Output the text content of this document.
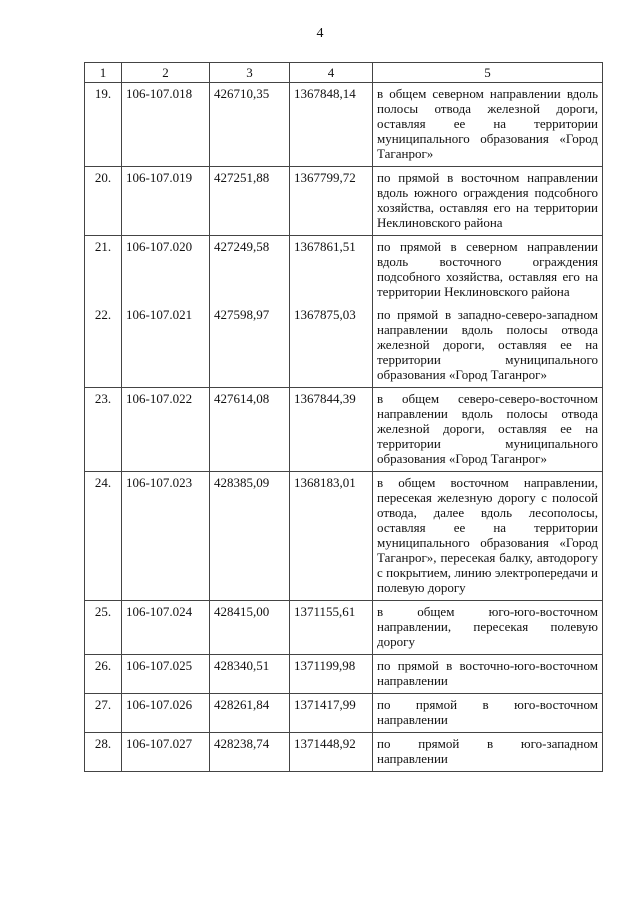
4
1	2	3	4	5
19.	106-107.018	426710,35	1367848,14	в общем северном направлении вдоль полосы отвода железной дороги, оставляя ее на территории муниципального образования «Город Таганрог»
20.	106-107.019	427251,88	1367799,72	по прямой в восточном направлении вдоль южного ограждения подсобного хозяйства, оставляя его на территории Неклиновского района
21.	106-107.020	427249,58	1367861,51	по прямой в северном направлении вдоль восточного ограждения подсобного хозяйства, оставляя его на территории Неклиновского района
22.	106-107.021	427598,97	1367875,03	по прямой в западно-северо-западном направлении вдоль полосы отвода железной дороги, оставляя ее на территории муниципального образования «Город Таганрог»
23.	106-107.022	427614,08	1367844,39	в общем северо-северо-восточном направлении вдоль полосы отвода железной дороги, оставляя ее на территории муниципального образования «Город Таганрог»
24.	106-107.023	428385,09	1368183,01	в общем восточном направлении, пересекая железную дорогу с полосой отвода, далее вдоль лесополосы, оставляя ее на территории муниципального образования «Город Таганрог», пересекая балку, автодорогу с покрытием, линию электропередачи и полевую дорогу
25.	106-107.024	428415,00	1371155,61	в общем юго-юго-восточном направлении, пересекая полевую дорогу
26.	106-107.025	428340,51	1371199,98	по прямой в восточно-юго-восточном направлении
27.	106-107.026	428261,84	1371417,99	по прямой в юго-восточном направлении
28.	106-107.027	428238,74	1371448,92	по прямой в юго-западном направлении
